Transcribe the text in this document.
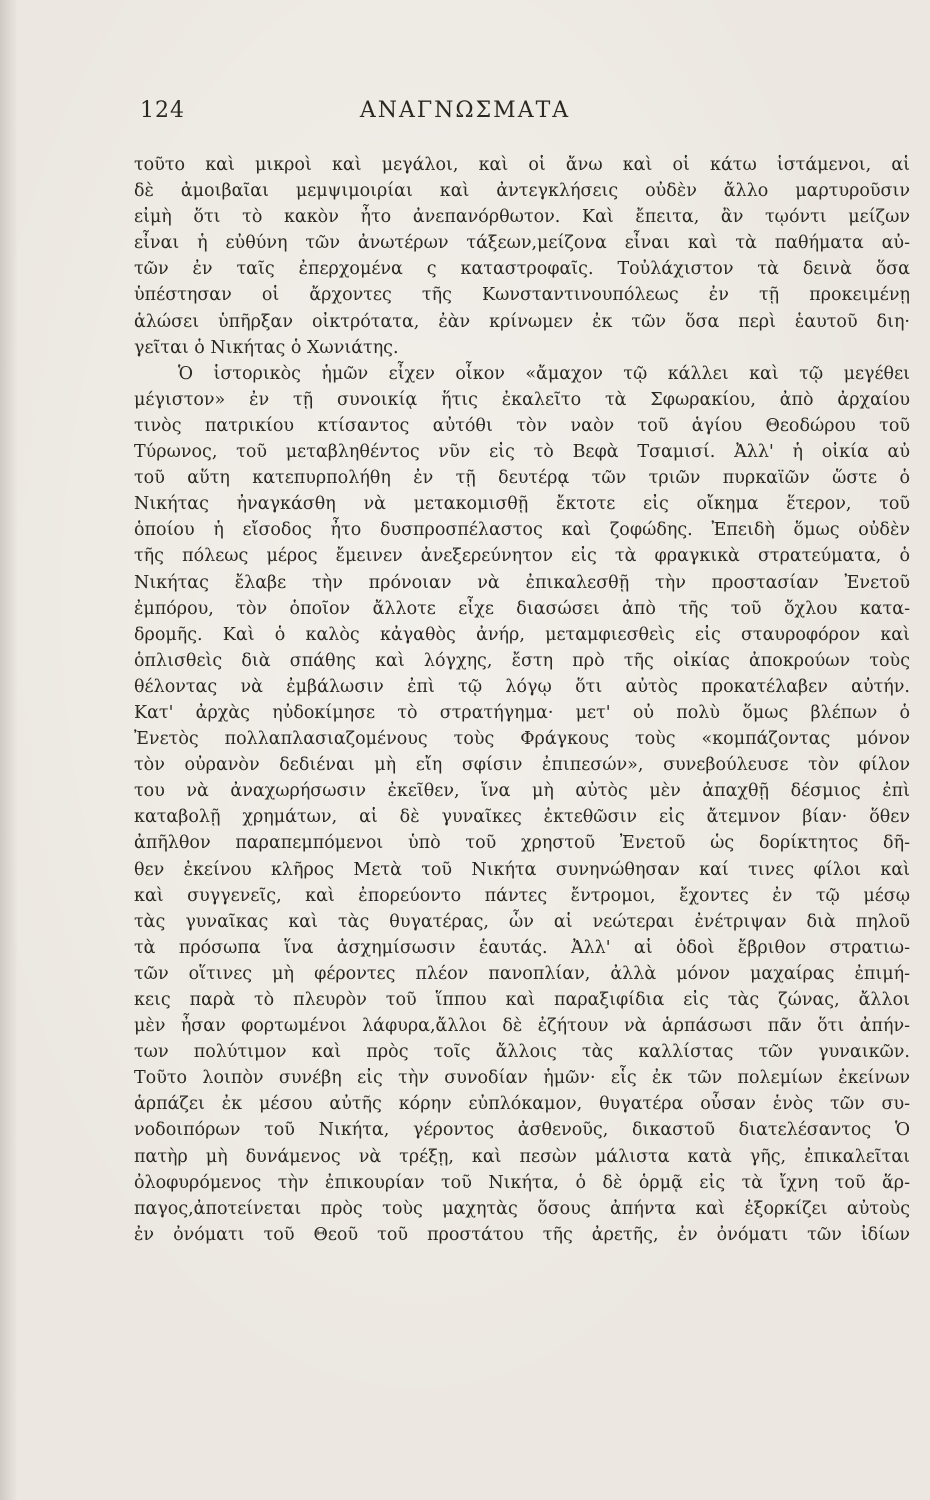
124	ΑΝΑΓΝΩΣΜΑΤΑ
τοῦτο καὶ μικροὶ καὶ μεγάλοι, καὶ οἱ ἄνω καὶ οἱ κάτω ἱστάμενοι, αἱ
δὲ ἀμοιβαῖαι μεμψιμοιρίαι καὶ ἀντεγκλήσεις οὐδὲν ἄλλο μαρτυροῦσιν
εἰμὴ ὅτι τὸ κακὸν ἦτο ἀνεπανόρθωτον. Καὶ ἔπειτα, ἂν τῳόντι μείζων
εἶναι ἡ εὐθύνη τῶν ἀνωτέρων τάξεων,μείζονα εἶναι καὶ τὰ παθήματα αὐ-
τῶν ἐν ταῖς ἐπερχομένα ς καταστροφαῖς. Τοὐλάχιστον τὰ δεινὰ ὅσα
ὑπέστησαν οἱ ἄρχοντες τῆς Κωνσταντινουπόλεως ἐν τῇ προκειμένῃ
ἁλώσει ὑπῆρξαν οἰκτρότατα, ἐὰν κρίνωμεν ἐκ τῶν ὅσα περὶ ἑαυτοῦ διη·
γεῖται ὁ Νικήτας ὁ Χωνιάτης.
Ὁ ἱστορικὸς ἡμῶν εἶχεν οἶκον «ἄμαχον τῷ κάλλει καὶ τῷ μεγέθει
μέγιστον» ἐν τῇ συνοικίᾳ ἥτις ἐκαλεῖτο τὰ Σφωρακίου, ἀπὸ ἀρχαίου
τινὸς πατρικίου κτίσαντος αὐτόθι τὸν ναὸν τοῦ ἁγίου Θεοδώρου τοῦ
Τύρωνος, τοῦ μεταβληθέντος νῦν εἰς τὸ Βεφὰ Τσαμισί. Ἀλλ' ἡ οἰκία αὐ
τοῦ αὕτη κατεπυρπολήθη ἐν τῇ δευτέρᾳ τῶν τριῶν πυρκαϊῶν ὥστε ὁ
Νικήτας ἠναγκάσθη νὰ μετακομισθῇ ἔκτοτε εἰς οἴκημα ἕτερον, τοῦ
ὁποίου ἡ εἴσοδος ἦτο δυσπροσπέλαστος καὶ ζοφώδης. Ἐπειδὴ ὅμως οὐδὲν
τῆς πόλεως μέρος ἔμεινεν ἀνεξερεύνητον εἰς τὰ φραγκικὰ στρατεύματα, ὁ
Νικήτας ἔλαβε τὴν πρόνοιαν νὰ ἐπικαλεσθῇ τὴν προστασίαν Ἐνετοῦ
ἐμπόρου, τὸν ὁποῖον ἄλλοτε εἶχε διασώσει ἀπὸ τῆς τοῦ ὄχλου κατα-
δρομῆς. Καὶ ὁ καλὸς κἀγαθὸς ἀνήρ, μεταμφιεσθεὶς εἰς σταυροφόρον καὶ
ὁπλισθεὶς διὰ σπάθης καὶ λόγχης, ἔστη πρὸ τῆς οἰκίας ἀποκρούων τοὺς
θέλοντας νὰ ἐμβάλωσιν ἐπὶ τῷ λόγῳ ὅτι αὐτὸς προκατέλαβεν αὐτήν.
Κατ' ἀρχὰς ηὐδοκίμησε τὸ στρατήγημα· μετ' οὐ πολὺ ὅμως βλέπων ὁ
Ἐνετὸς πολλαπλασιαζομένους τοὺς Φράγκους τοὺς «κομπάζοντας μόνον
τὸν οὐρανὸν δεδιέναι μὴ εἴη σφίσιν ἐπιπεσών», συνεβούλευσε τὸν φίλον
του νὰ ἀναχωρήσωσιν ἐκεῖθεν, ἵνα μὴ αὐτὸς μὲν ἀπαχθῇ δέσμιος ἐπὶ
καταβολῇ χρημάτων, αἱ δὲ γυναῖκες ἐκτεθῶσιν εἰς ἄτεμνον βίαν· ὅθεν
ἀπῆλθον παραπεμπόμενοι ὑπὸ τοῦ χρηστοῦ Ἐνετοῦ ὡς δορίκτητος δῆ-
θεν ἐκείνου κλῆρος Μετὰ τοῦ Νικήτα συνηνώθησαν καί τινες φίλοι καὶ
καὶ συγγενεῖς, καὶ ἐπορεύοντο πάντες ἔντρομοι, ἔχοντες ἐν τῷ μέσῳ
τὰς γυναῖκας καὶ τὰς θυγατέρας, ὧν αἱ νεώτεραι ἐνέτριψαν διὰ πηλοῦ
τὰ πρόσωπα ἵνα ἀσχημίσωσιν ἑαυτάς. Ἀλλ' αἱ ὁδοὶ ἔβριθον στρατιω-
τῶν οἵτινες μὴ φέροντες πλέον πανοπλίαν, ἀλλὰ μόνον μαχαίρας ἐπιμή-
κεις παρὰ τὸ πλευρὸν τοῦ ἵππου καὶ παραξιφίδια εἰς τὰς ζώνας, ἄλλοι
μὲν ἦσαν φορτωμένοι λάφυρα,ἄλλοι δὲ ἐζήτουν νὰ ἁρπάσωσι πᾶν ὅτι ἀπήν-
των πολύτιμον καὶ πρὸς τοῖς ἄλλοις τὰς καλλίστας τῶν γυναικῶν.
Τοῦτο λοιπὸν συνέβη εἰς τὴν συνοδίαν ἡμῶν· εἷς ἐκ τῶν πολεμίων ἐκείνων
ἁρπάζει ἐκ μέσου αὐτῆς κόρην εὐπλόκαμον, θυγατέρα οὖσαν ἑνὸς τῶν συ-
νοδοιπόρων τοῦ Νικήτα, γέροντος ἀσθενοῦς, δικαστοῦ διατελέσαντος Ὁ
πατὴρ μὴ δυνάμενος νὰ τρέξῃ, καὶ πεσὼν μάλιστα κατὰ γῆς, ἐπικαλεῖται
ὀλοφυρόμενος τὴν ἐπικουρίαν τοῦ Νικήτα, ὁ δὲ ὁρμᾷ εἰς τὰ ἴχνη τοῦ ἅρ-
παγος,ἀποτείνεται πρὸς τοὺς μαχητὰς ὅσους ἀπήντα καὶ ἐξορκίζει αὐτοὺς
ἐν ὀνόματι τοῦ Θεοῦ τοῦ προστάτου τῆς ἀρετῆς, ἐν ὀνόματι τῶν ἰδίων
